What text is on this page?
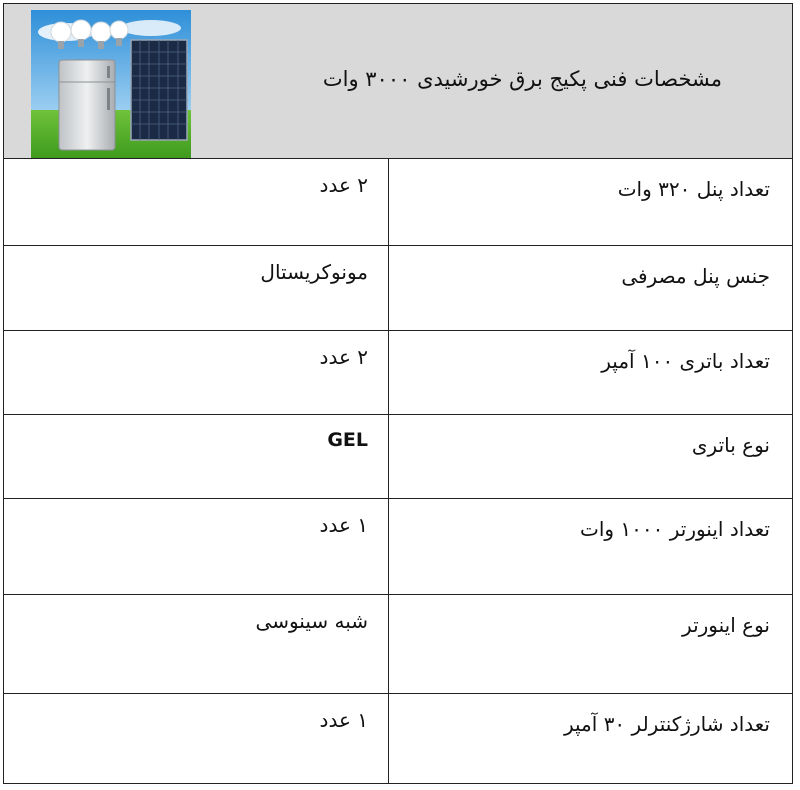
مشخصات فنی پکیج برق خورشیدی ۳۰۰۰ وات
تعداد پنل ۳۲۰ وات
۲ عدد
جنس پنل مصرفی
مونوکریستال
تعداد باتری ۱۰۰ آمپر
۲ عدد
نوع باتری
GEL
تعداد اینورتر ۱۰۰۰ وات
۱ عدد
نوع اینورتر
شبه سینوسی
تعداد شارژکنترلر ۳۰ آمپر
۱ عدد
